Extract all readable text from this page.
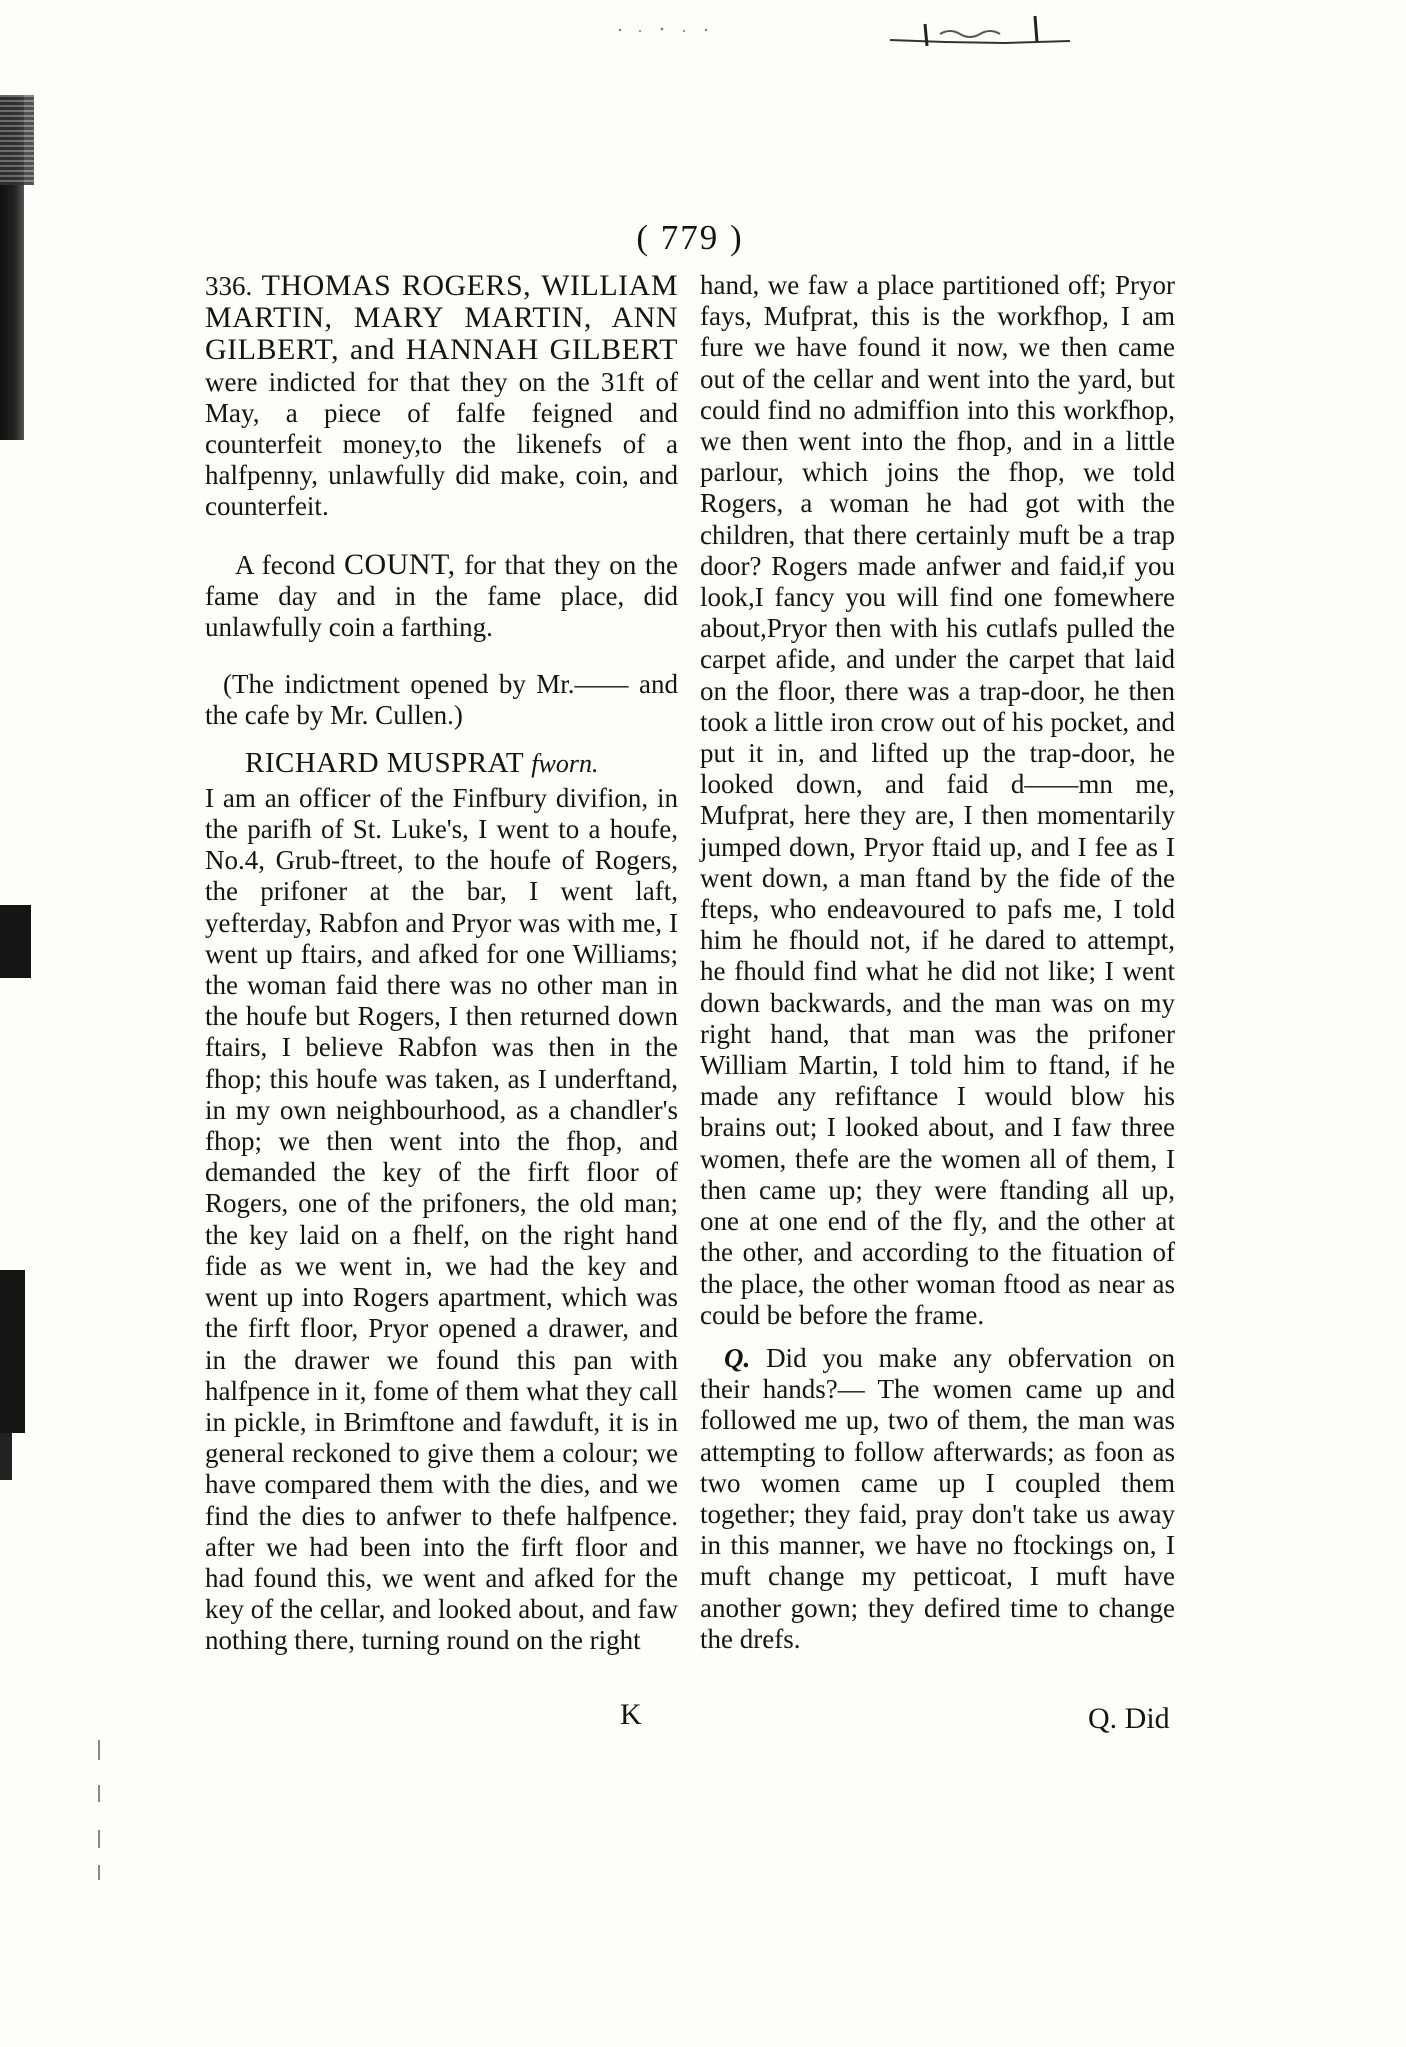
( 779 )

336. THOMAS ROGERS, WILLIAM MARTIN, MARY MARTIN, ANN GILBERT, and HANNAH GILBERT were indicted for that they on the 31ft of May, a piece of falfe feigned and counterfeit money,to the likenefs of a halfpenny, unlawfully did make, coin, and counterfeit.

A fecond COUNT, for that they on the fame day and in the fame place, did unlawfully coin a farthing.

(The indictment opened by Mr.—— and the cafe by Mr. Cullen.)

RICHARD MUSPRAT fworn.

I am an officer of the Finfbury divifion, in the parifh of St. Luke's, I went to a houfe, No.4, Grub-ftreet, to the houfe of Rogers, the prifoner at the bar, I went laft, yefterday, Rabfon and Pryor was with me, I went up ftairs, and afked for one Williams; the woman faid there was no other man in the houfe but Rogers, I then returned down ftairs, I believe Rabfon was then in the fhop; this houfe was taken, as I underftand, in my own neighbourhood, as a chandler's fhop; we then went into the fhop, and demanded the key of the firft floor of Rogers, one of the prifoners, the old man; the key laid on a fhelf, on the right hand fide as we went in, we had the key and went up into Rogers apartment, which was the firft floor, Pryor opened a drawer, and in the drawer we found this pan with halfpence in it, fome of them what they call in pickle, in Brimftone and fawduft, it is in general reckoned to give them a colour; we have compared them with the dies, and we find the dies to anfwer to thefe halfpence. after we had been into the firft floor and had found this, we went and afked for the key of the cellar, and looked about, and faw nothing there, turning round on the right

hand, we faw a place partitioned off; Pryor fays, Mufprat, this is the workfhop, I am fure we have found it now, we then came out of the cellar and went into the yard, but could find no admiffion into this workfhop, we then went into the fhop, and in a little parlour, which joins the fhop, we told Rogers, a woman he had got with the children, that there certainly muft be a trap door? Rogers made anfwer and faid,if you look,I fancy you will find one fomewhere about,Pryor then with his cutlafs pulled the carpet afide, and under the carpet that laid on the floor, there was a trap-door, he then took a little iron crow out of his pocket, and put it in, and lifted up the trap-door, he looked down, and faid d——mn me, Mufprat, here they are, I then momentarily jumped down, Pryor ftaid up, and I fee as I went down, a man ftand by the fide of the fteps, who endeavoured to pafs me, I told him he fhould not, if he dared to attempt, he fhould find what he did not like; I went down backwards, and the man was on my right hand, that man was the prifoner William Martin, I told him to ftand, if he made any refiftance I would blow his brains out; I looked about, and I faw three women, thefe are the women all of them, I then came up; they were ftanding all up, one at one end of the fly, and the other at the other, and according to the fituation of the place, the other woman ftood as near as could be before the frame.

Q. Did you make any obfervation on their hands?— The women came up and followed me up, two of them, the man was attempting to follow afterwards; as foon as two women came up I coupled them together; they faid, pray don't take us away in this manner, we have no ftockings on, I muft change my petticoat, I muft have another gown; they defired time to change the drefs.

K	Q. Did
